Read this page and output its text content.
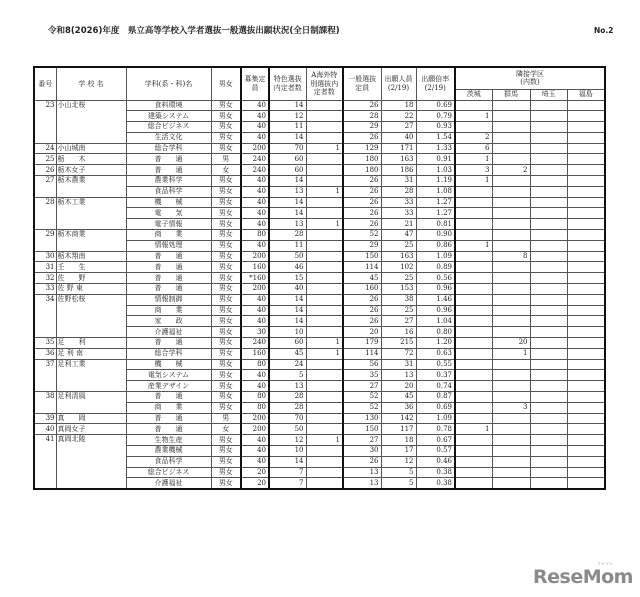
令和8(2026)年度　県立高等学校入学者選抜一般選抜出願状況(全日制課程)	No.2
番号	学 校 名	学科(系・科)名	男女	募集定員	特色選抜内定者数	A海外特別選抜内定者数	一般選抜定員	出願人員(2/19)	出願倍率(2/19)	隣接学区
(内数)			

										茨城	群馬	埼玉	福島
23	小山北桜	食料環境	男女	40	14		26	18	0.69				
		建築システム	男女	40	12		28	22	0.79	1			
		総合ビジネス	男女	40	11		29	27	0.93				
		生活文化	男女	40	14		26	40	1.54	2			
24	小山城南	総合学科	男女	200	70	1	129	171	1.33	6			
25	栃　　木	普　　通	男	240	60		180	163	0.91	1			
26	栃木女子	普　　通	女	240	60		180	186	1.03	3	2		
27	栃木農業	農業科学	男女	40	14		26	31	1.19	1			
		食品科学	男女	40	13	1	26	28	1.08				
28	栃木工業	機　　械	男女	40	14		26	33	1.27				
		電　　気	男女	40	14		26	33	1.27				
		電子情報	男女	40	13	1	26	21	0.81				
29	栃木商業	商　　業	男女	80	28		52	47	0.90				
		情報処理	男女	40	11		29	25	0.86	1			
30	栃木翔南	普　　通	男女	200	50		150	163	1.09		8		
31	壬　　生	普　　通	男女	160	46		114	102	0.89				
32	佐　　野	普　　通	男女	*160	15		45	25	0.56				
33	佐 野 東	普　　通	男女	200	40		160	153	0.96				
34	佐野松桜	情報制御	男女	40	14		26	38	1.46				
		商　　業	男女	40	14		26	25	0.96				
		家　　政	男女	40	14		26	27	1.04				
		介護福祉	男女	30	10		20	16	0.80				
35	足　　利	普　　通	男女	240	60	1	179	215	1.20		20		
36	足 利 南	総合学科	男女	160	45	1	114	72	0.63		1		
37	足利工業	機　　械	男女	80	24		56	31	0.55				
		電気システム	男女	40	5		35	13	0.37				
		産業デザイン	男女	40	13		27	20	0.74				
38	足利清風	普　　通	男女	80	28		52	45	0.87				
		商　　業	男女	80	28		52	36	0.69		3		
39	真　　岡	普　　通	男	200	70		130	142	1.09				
40	真岡女子	普　　通	女	200	50		150	117	0.78	1			
41	真岡北陵	生物生産	男女	40	12	1	27	18	0.67				
		農業機械	男女	40	10		30	17	0.57				
		食品科学	男女	40	14		26	12	0.46				
		総合ビジネス	男女	20	7		13	5	0.38				
		介護福祉	男女	20	7		13	5	0.38				
リセマム
ReseMom
